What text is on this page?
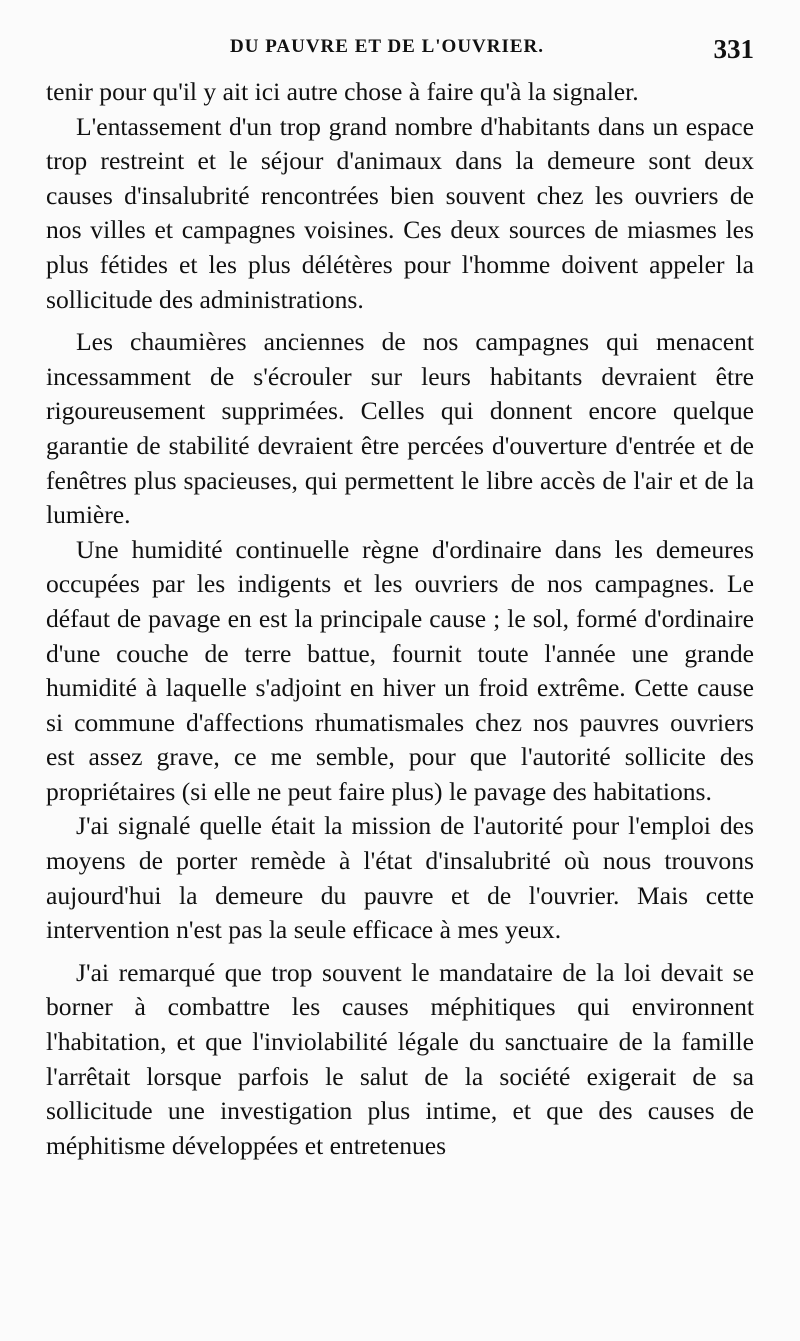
DU PAUVRE ET DE L'OUVRIER.	331

tenir pour qu'il y ait ici autre chose à faire qu'à la signaler.

L'entassement d'un trop grand nombre d'habitants dans un espace trop restreint et le séjour d'animaux dans la demeure sont deux causes d'insalubrité rencontrées bien souvent chez les ouvriers de nos villes et campagnes voisines. Ces deux sources de miasmes les plus fétides et les plus délétères pour l'homme doivent appeler la sollicitude des administrations.

Les chaumières anciennes de nos campagnes qui menacent incessamment de s'écrouler sur leurs habitants devraient être rigoureusement supprimées. Celles qui donnent encore quelque garantie de stabilité devraient être percées d'ouverture d'entrée et de fenêtres plus spacieuses, qui permettent le libre accès de l'air et de la lumière.

Une humidité continuelle règne d'ordinaire dans les demeures occupées par les indigents et les ouvriers de nos campagnes. Le défaut de pavage en est la principale cause ; le sol, formé d'ordinaire d'une couche de terre battue, fournit toute l'année une grande humidité à laquelle s'adjoint en hiver un froid extrême. Cette cause si commune d'affections rhumatismales chez nos pauvres ouvriers est assez grave, ce me semble, pour que l'autorité sollicite des propriétaires (si elle ne peut faire plus) le pavage des habitations.

J'ai signalé quelle était la mission de l'autorité pour l'emploi des moyens de porter remède à l'état d'insalubrité où nous trouvons aujourd'hui la demeure du pauvre et de l'ouvrier. Mais cette intervention n'est pas la seule efficace à mes yeux.

J'ai remarqué que trop souvent le mandataire de la loi devait se borner à combattre les causes méphitiques qui environnent l'habitation, et que l'inviolabilité légale du sanctuaire de la famille l'arrêtait lorsque parfois le salut de la société exigerait de sa sollicitude une investigation plus intime, et que des causes de méphitisme développées et entretenues
